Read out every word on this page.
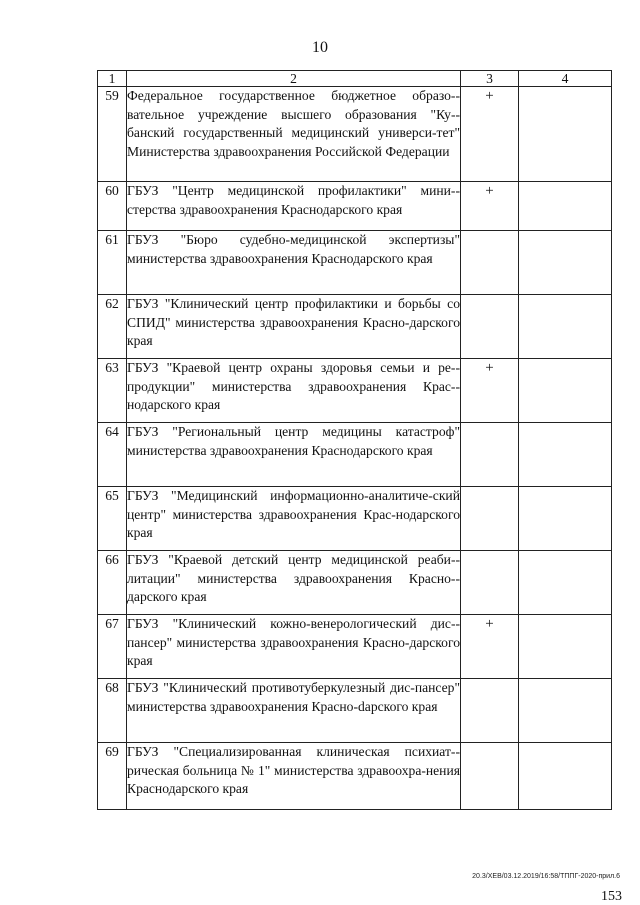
10
1	2	3	4
59	Федеральное государственное бюджетное образо-вательное учреждение высшего образования "Ку-банский государственный медицинский универси-тет" Министерства здравоохранения Российской Федерации	+	
60	ГБУЗ "Центр медицинской профилактики" мини-стерства здравоохранения Краснодарского края	+	
61	ГБУЗ "Бюро судебно-медицинской экспертизы" министерства здравоохранения Краснодарского края		
62	ГБУЗ "Клинический центр профилактики и борьбы со СПИД" министерства здравоохранения Красно-дарского края		
63	ГБУЗ "Краевой центр охраны здоровья семьи и ре-продукции" министерства здравоохранения Крас-нодарского края	+	
64	ГБУЗ "Региональный центр медицины катастроф" министерства здравоохранения Краснодарского края		
65	ГБУЗ "Медицинский информационно-аналитиче-ский центр" министерства здравоохранения Крас-нодарского края		
66	ГБУЗ "Краевой детский центр медицинской реаби-литации" министерства здравоохранения Красно-дарского края		
67	ГБУЗ "Клинический кожно-венерологический дис-пансер" министерства здравоохранения Красно-дарского края	+	
68	ГБУЗ "Клинический противотуберкулезный дис-пансер" министерства здравоохранения Красно-dарского края		
69	ГБУЗ "Специализированная клиническая психиат-рическая больница № 1" министерства здравоохра-нения Краснодарского края		
20.3/ХЕВ/03.12.2019/16:58/ТППГ-2020-прил.6
153
